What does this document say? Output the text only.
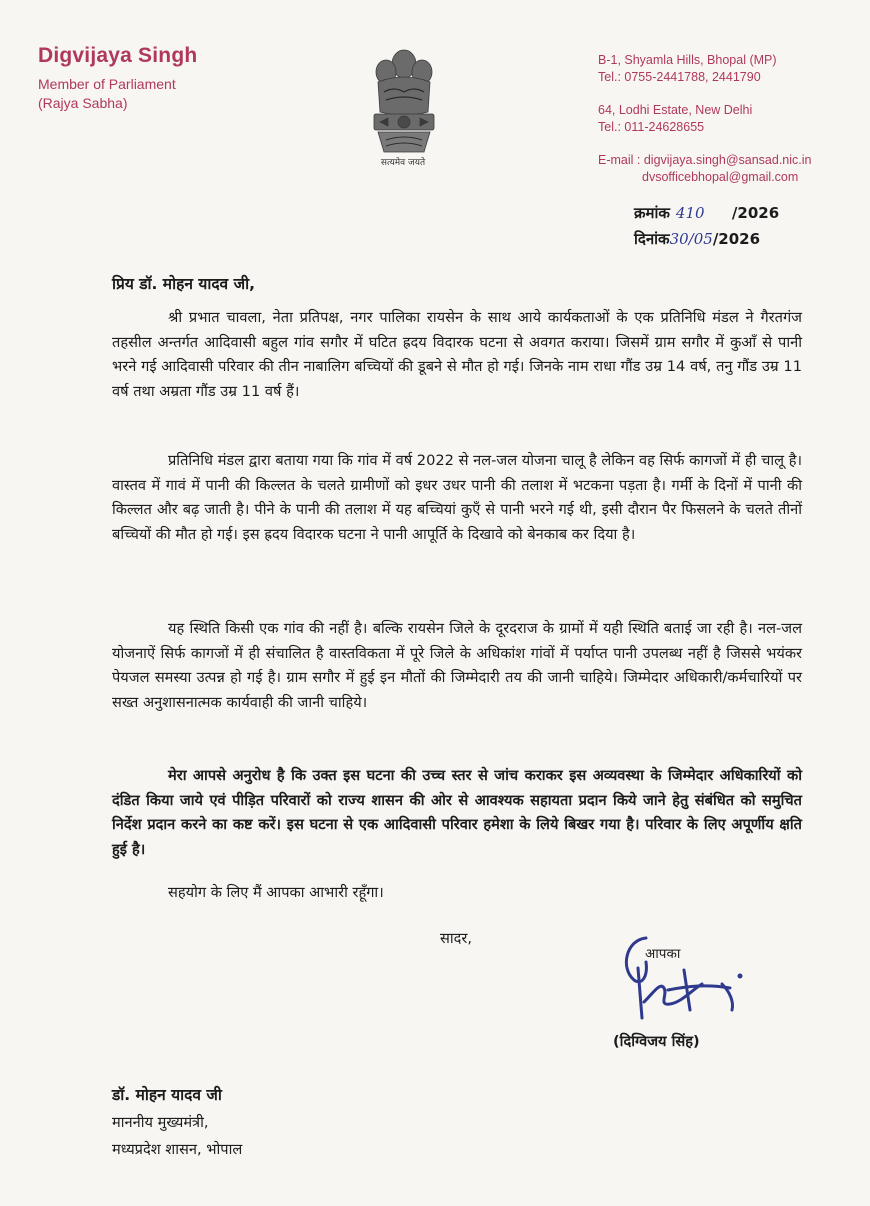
Digvijaya Singh
Member of Parliament
(Rajya Sabha)
सत्यमेव जयते
B-1, Shyamla Hills, Bhopal (MP)
Tel.: 0755-2441788, 2441790
64, Lodhi Estate, New Delhi
Tel.: 011-24628655
E-mail : digvijaya.singh@sansad.nic.in
dvsofficebhopal@gmail.com
क्रमांक 410 /2026
दिनांक30/05/2026
प्रिय डॉ. मोहन यादव जी,

श्री प्रभात चावला, नेता प्रतिपक्ष, नगर पालिका रायसेन के साथ आये कार्यकताओं के एक प्रतिनिधि मंडल ने गैरतगंज तहसील अन्तर्गत आदिवासी बहुल गांव सगौर में घटित ह्रदय विदारक घटना से अवगत कराया। जिसमें ग्राम सगौर में कुआँ से पानी भरने गई आदिवासी परिवार की तीन नाबालिग बच्चियों की डूबने से मौत हो गई। जिनके नाम राधा गौंड उम्र 14 वर्ष, तनु गौंड उम्र 11 वर्ष तथा अम्रता गौंड उम्र 11 वर्ष हैं।

प्रतिनिधि मंडल द्वारा बताया गया कि गांव में वर्ष 2022 से नल-जल योजना चालू है लेकिन वह सिर्फ कागजों में ही चालू है। वास्तव में गावं में पानी की किल्लत के चलते ग्रामीणों को इधर उधर पानी की तलाश में भटकना पड़ता है। गर्मी के दिनों में पानी की किल्लत और बढ़ जाती है। पीने के पानी की तलाश में यह बच्चियां कुएँ से पानी भरने गई थी, इसी दौरान पैर फिसलने के चलते तीनों बच्चियों की मौत हो गई। इस ह्रदय विदारक घटना ने पानी आपूर्ति के दिखावे को बेनकाब कर दिया है।

यह स्थिति किसी एक गांव की नहीं है। बल्कि रायसेन जिले के दूरदराज के ग्रामों में यही स्थिति बताई जा रही है। नल-जल योजनाऐं सिर्फ कागजों में ही संचालित है वास्तविकता में पूरे जिले के अधिकांश गांवों में पर्याप्त पानी उपलब्ध नहीं है जिससे भयंकर पेयजल समस्या उत्पन्न हो गई है। ग्राम सगौर में हुई इन मौतों की जिम्मेदारी तय की जानी चाहिये। जिम्मेदार अधिकारी/कर्मचारियों पर सख्त अनुशासनात्मक कार्यवाही की जानी चाहिये।

मेरा आपसे अनुरोध है कि उक्त इस घटना की उच्च स्तर से जांच कराकर इस अव्यवस्था के जिम्मेदार अधिकारियों को दंडित किया जाये एवं पीड़ित परिवारों को राज्य शासन की ओर से आवश्यक सहायता प्रदान किये जाने हेतु संबंधित को समुचित निर्देश प्रदान करने का कष्ट करें। इस घटना से एक आदिवासी परिवार हमेशा के लिये बिखर गया है। परिवार के लिए अपूर्णीय क्षति हुई है।

सहयोग के लिए मैं आपका आभारी रहूँगा।
सादर,
आपका
(दिग्विजय सिंह)
डॉ. मोहन यादव जी
माननीय मुख्यमंत्री,
मध्यप्रदेश शासन, भोपाल
